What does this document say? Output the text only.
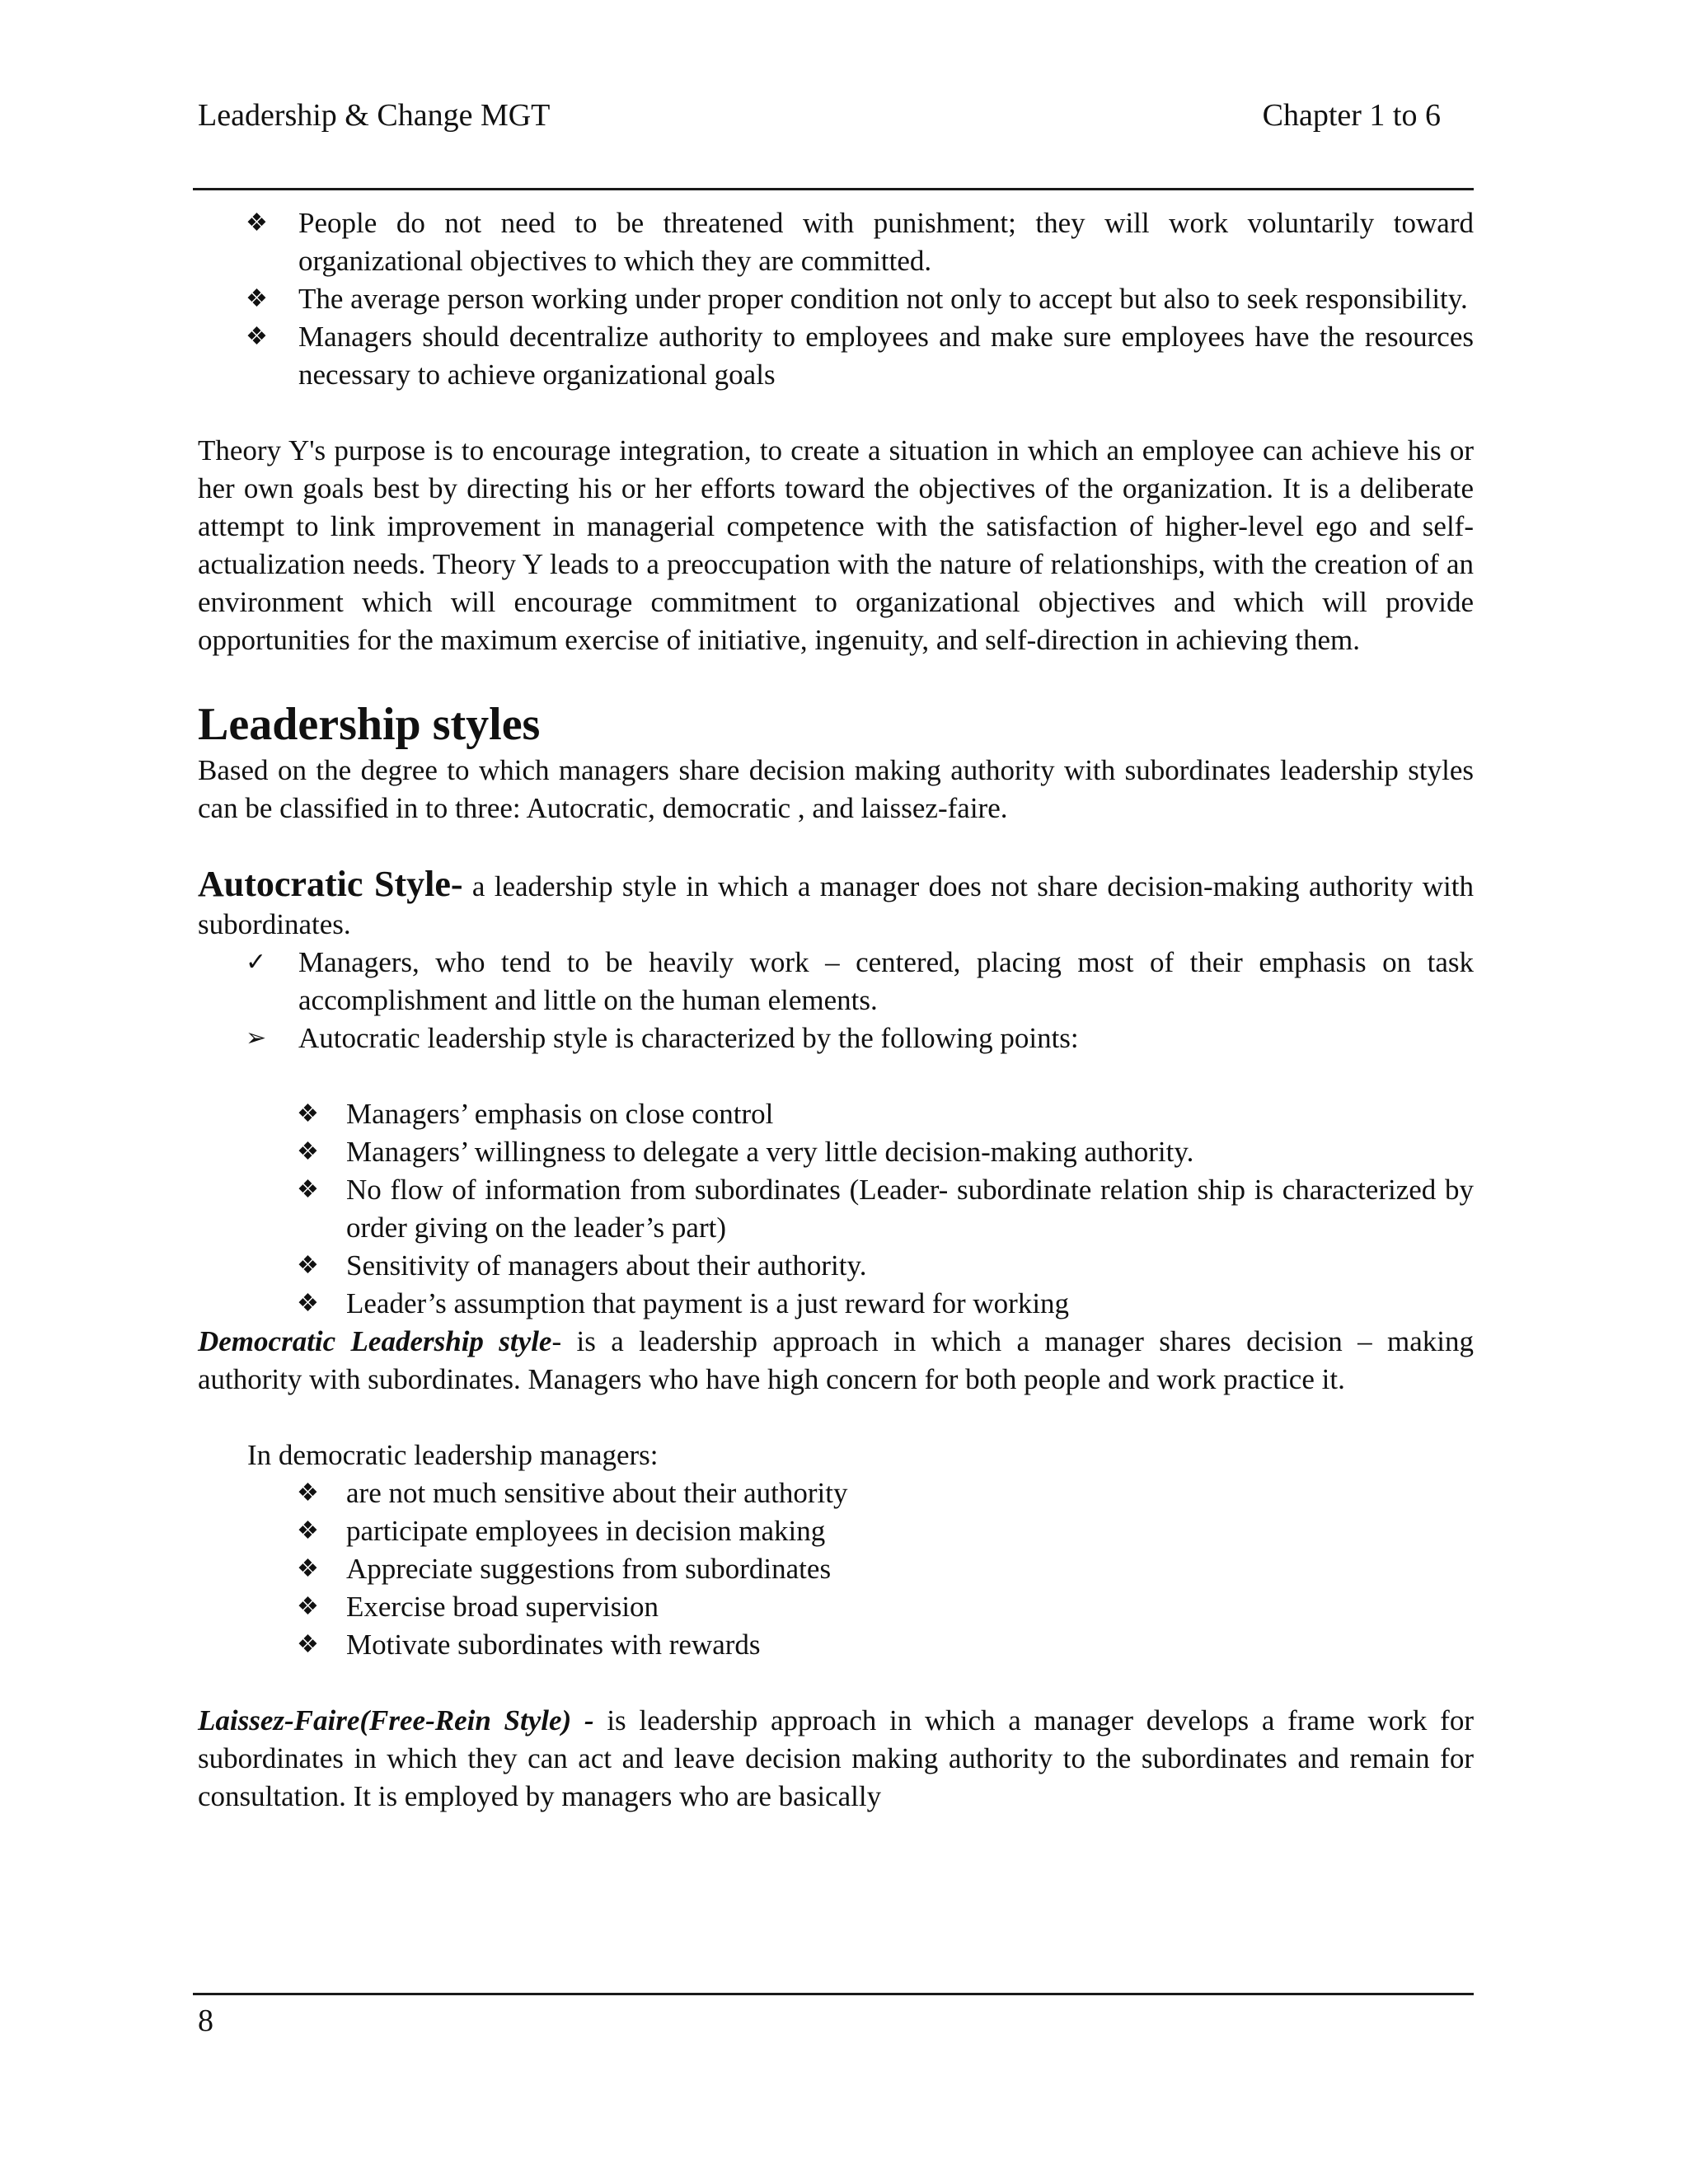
Leadership & Change MGT	Chapter 1 to 6
❖ People do not need to be threatened with punishment; they will work voluntarily toward organizational objectives to which they are committed.
❖ The average person working under proper condition not only to accept but also to seek responsibility.
❖ Managers should decentralize authority to employees and make sure employees have the resources necessary to achieve organizational goals

Theory Y's purpose is to encourage integration, to create a situation in which an employee can achieve his or her own goals best by directing his or her efforts toward the objectives of the organization. It is a deliberate attempt to link improvement in managerial competence with the satisfaction of higher-level ego and self-actualization needs. Theory Y leads to a preoccupation with the nature of relationships, with the creation of an environment which will encourage commitment to organizational objectives and which will provide opportunities for the maximum exercise of initiative, ingenuity, and self-direction in achieving them.

Leadership styles

Based on the degree to which managers share decision making authority with subordinates leadership styles can be classified in to three: Autocratic, democratic , and laissez-faire.

Autocratic Style- a leadership style in which a manager does not share decision-making authority with subordinates.

✓ Managers, who tend to be heavily work – centered, placing most of their emphasis on task accomplishment and little on the human elements.
➢ Autocratic leadership style is characterized by the following points:
❖ Managers’ emphasis on close control
❖ Managers’ willingness to delegate a very little decision-making authority.
❖ No flow of information from subordinates (Leader- subordinate relation ship is characterized by order giving on the leader’s part)
❖ Sensitivity of managers about their authority.
❖ Leader’s assumption that payment is a just reward for working

Democratic Leadership style- is a leadership approach in which a manager shares decision – making authority with subordinates. Managers who have high concern for both people and work practice it.

In democratic leadership managers:

❖ are not much sensitive about their authority
❖ participate employees in decision making
❖ Appreciate suggestions from subordinates
❖ Exercise broad supervision
❖ Motivate subordinates with rewards

Laissez-Faire(Free-Rein Style) - is leadership approach in which a manager develops a frame work for subordinates in which they can act and leave decision making authority to the subordinates and remain for consultation. It is employed by managers who are basically

8
